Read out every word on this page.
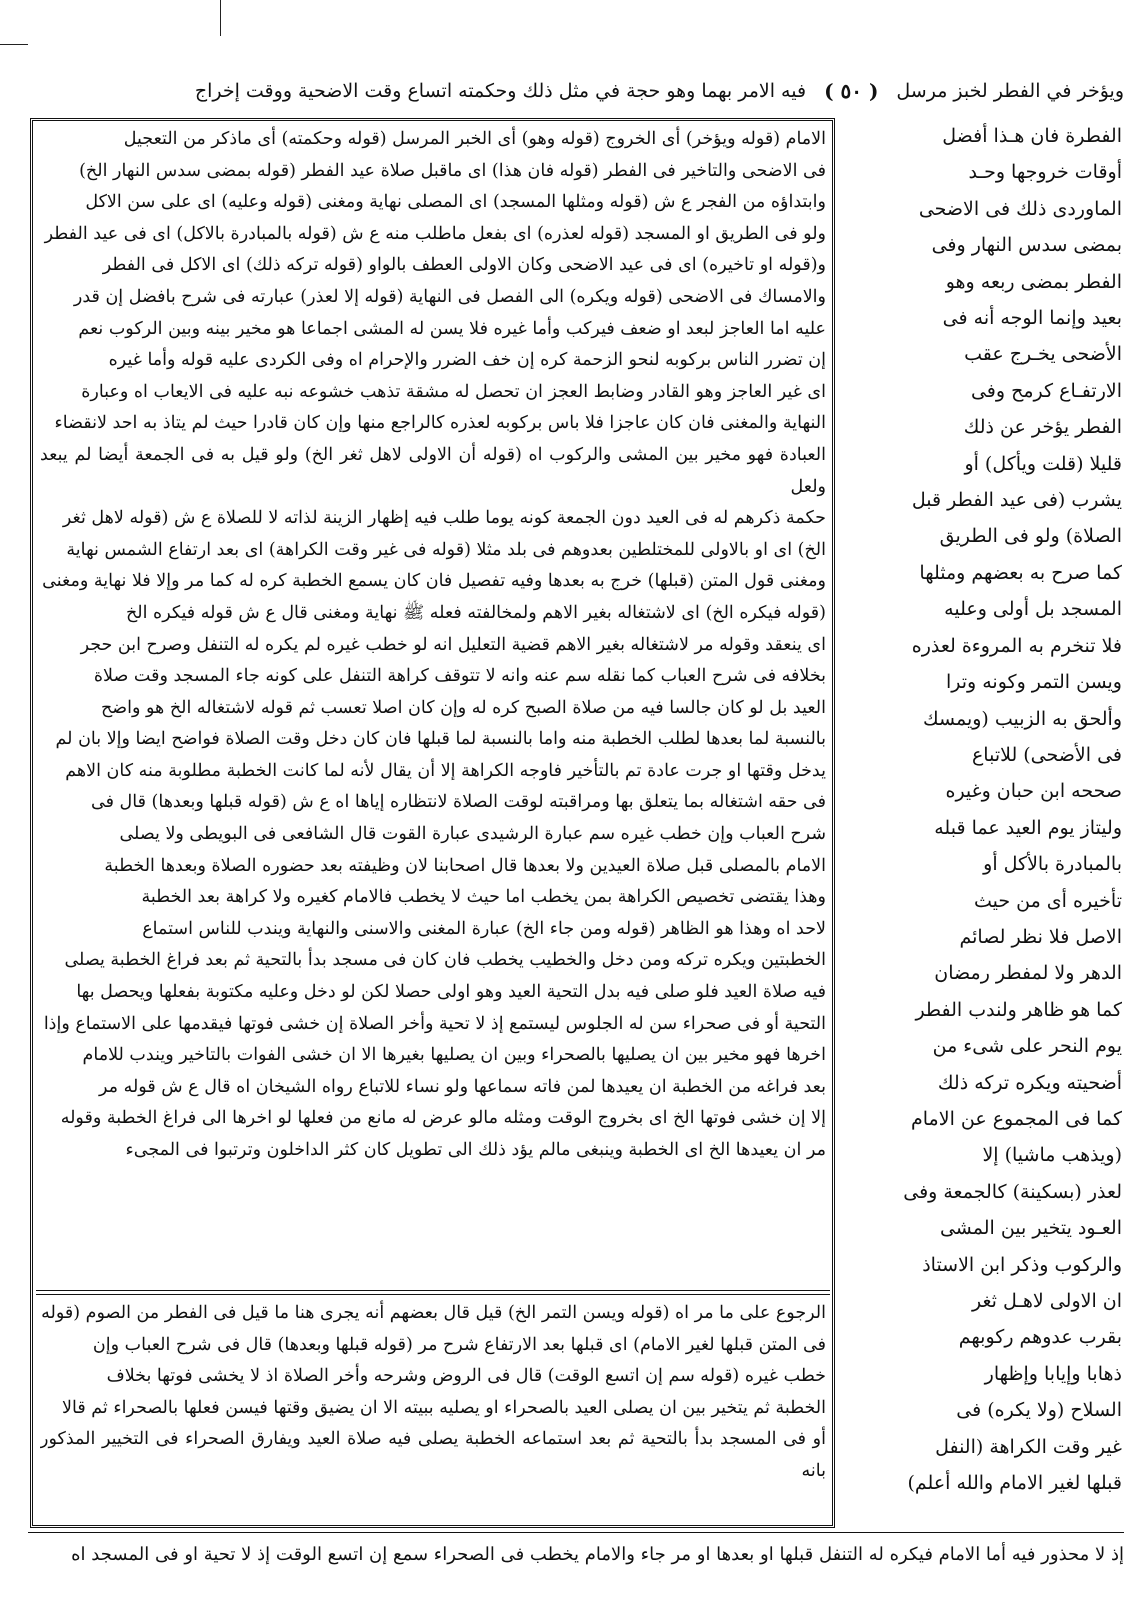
ويؤخر في الفطر لخبز مرسل
( ٥٠ )
فيه الامر بهما وهو حجة في مثل ذلك وحكمته اتساع وقت الاضحية ووقت إخراج
الامام (قوله ويؤخر) أى الخروج (قوله وهو) أى الخبر المرسل (قوله وحكمته) أى ماذكر من التعجيل
فى الاضحى والتاخير فى الفطر (قوله فان هذا) اى ماقبل صلاة عيد الفطر (قوله بمضى سدس النهار الخ)
وابتداؤه من الفجر ع ش (قوله ومثلها المسجد) اى المصلى نهاية ومغنى (قوله وعليه) اى على سن الاكل
ولو فى الطريق او المسجد (قوله لعذره) اى بفعل ماطلب منه ع ش (قوله بالمبادرة بالاكل) اى فى عيد الفطر
و(قوله او تاخيره) اى فى عيد الاضحى وكان الاولى العطف بالواو (قوله تركه ذلك) اى الاكل فى الفطر
والامساك فى الاضحى (قوله ويكره) الى الفصل فى النهاية (قوله إلا لعذر) عبارته فى شرح بافضل إن قدر
عليه اما العاجز لبعد او ضعف فيركب وأما غيره فلا يسن له المشى اجماعا هو مخير بينه وبين الركوب نعم
إن تضرر الناس بركوبه لنحو الزحمة كره إن خف الضرر والإحرام اه وفى الكردى عليه قوله وأما غيره
اى غير العاجز وهو القادر وضابط العجز ان تحصل له مشقة تذهب خشوعه نبه عليه فى الايعاب اه وعبارة
النهاية والمغنى فان كان عاجزا فلا باس بركوبه لعذره كالراجع منها وإن كان قادرا حيث لم يتاذ به احد لانقضاء
العبادة فهو مخير بين المشى والركوب اه (قوله أن الاولى لاهل ثغر الخ) ولو قيل به فى الجمعة أيضا لم يبعد ولعل
حكمة ذكرهم له فى العيد دون الجمعة كونه يوما طلب فيه إظهار الزينة لذاته لا للصلاة ع ش (قوله لاهل ثغر
الخ) اى او بالاولى للمختلطين بعدوهم فى بلد مثلا (قوله فى غير وقت الكراهة) اى بعد ارتفاع الشمس نهاية
ومغنى قول المتن (قبلها) خرج به بعدها وفيه تفصيل فان كان يسمع الخطبة كره له كما مر وإلا فلا نهاية ومغنى
(قوله فيكره الخ) اى لاشتغاله بغير الاهم ولمخالفته فعله ﷺ نهاية ومغنى قال ع ش قوله فيكره الخ
اى ينعقد وقوله مر لاشتغاله بغير الاهم قضية التعليل انه لو خطب غيره لم يكره له التنفل وصرح ابن حجر
بخلافه فى شرح العباب كما نقله سم عنه وانه لا تتوقف كراهة التنفل على كونه جاء المسجد وقت صلاة
العيد بل لو كان جالسا فيه من صلاة الصبح كره له وإن كان اصلا تعسب ثم قوله لاشتغاله الخ هو واضح
بالنسبة لما بعدها لطلب الخطبة منه واما بالنسبة لما قبلها فان كان دخل وقت الصلاة فواضح ايضا وإلا بان لم
يدخل وقتها او جرت عادة تم بالتأخير فاوجه الكراهة إلا أن يقال لأنه لما كانت الخطبة مطلوبة منه كان الاهم
فى حقه اشتغاله بما يتعلق بها ومراقبته لوقت الصلاة لانتظاره إياها اه ع ش (قوله قبلها وبعدها) قال فى
شرح العباب وإن خطب غيره سم عبارة الرشيدى عبارة القوت قال الشافعى فى البويطى ولا يصلى
الامام بالمصلى قبل صلاة العيدين ولا بعدها قال اصحابنا لان وظيفته بعد حضوره الصلاة وبعدها الخطبة
وهذا يقتضى تخصيص الكراهة بمن يخطب اما حيث لا يخطب فالامام كغيره ولا كراهة بعد الخطبة
لاحد اه وهذا هو الظاهر (قوله ومن جاء الخ) عبارة المغنى والاسنى والنهاية ويندب للناس استماع
الخطبتين ويكره تركه ومن دخل والخطيب يخطب فان كان فى مسجد بدأ بالتحية ثم بعد فراغ الخطبة يصلى
فيه صلاة العيد فلو صلى فيه بدل التحية العيد وهو اولى حصلا لكن لو دخل وعليه مكتوبة بفعلها ويحصل بها
التحية أو فى صحراء سن له الجلوس ليستمع إذ لا تحية وأخر الصلاة إن خشى فوتها فيقدمها على الاستماع وإذا
اخرها فهو مخير بين ان يصليها بالصحراء وبين ان يصليها بغيرها الا ان خشى الفوات بالتاخير ويندب للامام
بعد فراغه من الخطبة ان يعيدها لمن فاته سماعها ولو نساء للاتباع رواه الشيخان اه قال ع ش قوله مر
إلا إن خشى فوتها الخ اى بخروج الوقت ومثله مالو عرض له مانع من فعلها لو اخرها الى فراغ الخطبة وقوله
مر ان يعيدها الخ اى الخطبة وينبغى مالم يؤد ذلك الى تطويل كان كثر الداخلون وترتبوا فى المجىء
الرجوع على ما مر اه (قوله ويسن التمر الخ) قيل قال بعضهم أنه يجرى هنا ما قيل فى الفطر من الصوم (قوله
فى المتن قبلها لغير الامام) اى قبلها بعد الارتفاع شرح مر (قوله قبلها وبعدها) قال فى شرح العباب وإن
خطب غيره (قوله سم إن اتسع الوقت) قال فى الروض وشرحه وأخر الصلاة اذ لا يخشى فوتها بخلاف
الخطبة ثم يتخير بين ان يصلى العيد بالصحراء او يصليه ببيته الا ان يضيق وقتها فيسن فعلها بالصحراء ثم قالا
أو فى المسجد بدأ بالتحية ثم بعد استماعه الخطبة يصلى فيه صلاة العيد ويفارق الصحراء فى التخيير المذكور بانه
الفطرة فان هـذا أفضل
أوقات خروجها وحـد
الماوردى ذلك فى الاضحى
بمضى سدس النهار وفى
الفطر بمضى ربعه وهو
بعيد وإنما الوجه أنه فى
الأضحى يخـرج عقب
الارتفـاع كرمح وفى
الفطر يؤخر عن ذلك
قليلا (قلت ويأكل) أو
يشرب (فى عيد الفطر قبل
الصلاة) ولو فى الطريق
كما صرح به بعضهم ومثلها
المسجد بل أولى وعليه
فلا تنخرم به المروءة لعذره
ويسن التمر وكونه وترا
وألحق به الزبيب (ويمسك
فى الأضحى) للاتباع
صححه ابن حبان وغيره
وليتاز يوم العيد عما قبله
بالمبادرة بالأكل أو
تأخيره أى من حيث
الاصل فلا نظر لصائم
الدهر ولا لمفطر رمضان
كما هو ظاهر ولندب الفطر
يوم النحر على شىء من
أضحيته ويكره تركه ذلك
كما فى المجموع عن الامام
(ويذهب ماشيا) إلا
لعذر (بسكينة) كالجمعة وفى
العـود يتخير بين المشى
والركوب وذكر ابن الاستاذ
ان الاولى لاهـل ثغر
بقرب عدوهم ركوبهم
ذهابا وإيابا وإظهار
السلاح (ولا يكره) فى
غير وقت الكراهة (النفل
قبلها لغير الامام والله أعلم)
إذ لا محذور فيه أما الامام فيكره له التنفل قبلها او بعدها او مر جاء والامام يخطب فى الصحراء سمع إن اتسع الوقت إذ لا تحية او فى المسجد اه
